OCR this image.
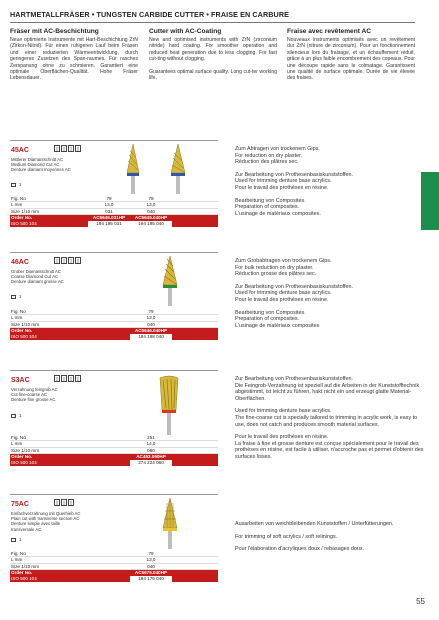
HARTMETALLFRÄSER • TUNGSTEN CARBIDE CUTTER • FRAISE EN CARBURE
Fräser mit AC-Beschichtung

Neue optimierte Instrumente mit Hart-Beschichtung ZrN (Zirkon-Nitrid). Für einen ruhigeren Lauf beim Fräsen und einer reduzierten Wärmeentwicklung, durch geringeres Zusetzen des Span-raumes. Für rasches Zerspanung ohne zu schmieren. Garantiert eine optimale Oberflächen-Qualität. Hohe Fräser Lebensdauer.

Cutter with AC-Coating

New and optimised instruments with ZrN (zirconium nitride) hard coating. For smoother operation and reduced heat generation due to less clogging. For fast cut-ting without clogging.

Guarantees optimal surface quality. Long cut-ter working life.

Fraise avec revêtement AC

Nouveaux instruments optimisés avec un revêtement dur ZrN (nitrure de zirconium). Pour un fonctionnement silencieux lors du fraisage, et un échauffement réduit, grâce à un plus faible encombrement des copeaux. Pour une découpe rapide sans le colmatage. Garantissent une qualité de surface optimale. Durée de vie élevée des fraises.

45AC	▯	▯	▯	▯
Mittlerer Diamantschnitt AC
Medium Diamond Cut AC
Denture diamant moyennes AC
1
Fig. No	79	79
L mm	13,0	13,0
Size 1/10 mm	031	040
Order No.	AC5645.031HP	AC5645.040HP
ISO 500 104	194 195 031	194 195 040

Zum Abtragen von trockenem Gips.
For reduction on dry plaster.
Réduction des plâtres sec.

Zur Bearbeitung von Prothesenbasiskunststoffen.
Used for trimming denture base acrylics.
Pour le travail des prothèses en résine.

Bearbeitung von Composites.
Preparation of composites.
L'usinage de matériaux composites.

46AC	▯	▯	▯	▯
Grober Diamantschnitt AC
Coarse Diamond Cut AC
Denture diamant grosse AC
1
Fig. No	79
L mm	13,0
Size 1/10 mm	040
Order No.	AC5646.040HP
ISO 500 104	194 198 040

Zum Grobabtragen von trockenem Gips.
For bulk reduction on dry plaster.
Réduction grosse des plâtres sec.

Zur Bearbeitung von Prothesenbasiskunststoffen.
Used for trimming denture base acrylics.
Pour le travail des prothèses en résine.

Bearbeitung von Composites.
Preparation of composites.
L'usinage de matériaux composites

S3AC	▯	▯	▯	▯
Verzahnung feingrob AC
Cut fine-coarse AC
Denture fine grosse AC
1
Fig. No	251
L mm	14,0
Size 1/10 mm	060
Order No.	AC453.060HP
ISO 500 104	274 224 060

Zur Bearbeitung von Prothesenbasiskunststoffen.
Die Feingrob-Verzahnung ist speziell auf die Arbeiten in der Kunststofftechnik abgestimmt, ist leicht zu führen, hakt nicht ein und erzeugt glatte Material-Oberflächen.

Used for trimming denture base acrylics.
The fine-coarse cut is specially tailored to trimming in acrylic work, is easy to use, does not catch and produces smooth material surfaces.

Pour le travail des prothèses en résine.
La fraise à fine et grosse denture est conçue spécialement pour le travail des prothèses en résine, est facile à utiliser, n'accroche pas et permet d'obtenir des surfaces lisses.

75AC	▯	▯	▯
Einfachverzahnung mit Querhieb AC
Plain cut with transverse section AC
Denture simple avec taille transversale AC
1
Fig. No	79
L mm	13,0
Size 1/10 mm	040
Order No.	AC5675.040HP
ISO 500 104	194 176 040

Ausarbeiten von weichbleibenden Kunststoffen / Unterfütterungen.

For trimming of soft acrylics / soft relinings.

Pour l'élaboration d'acryliques doux / rebasages doux.

55
